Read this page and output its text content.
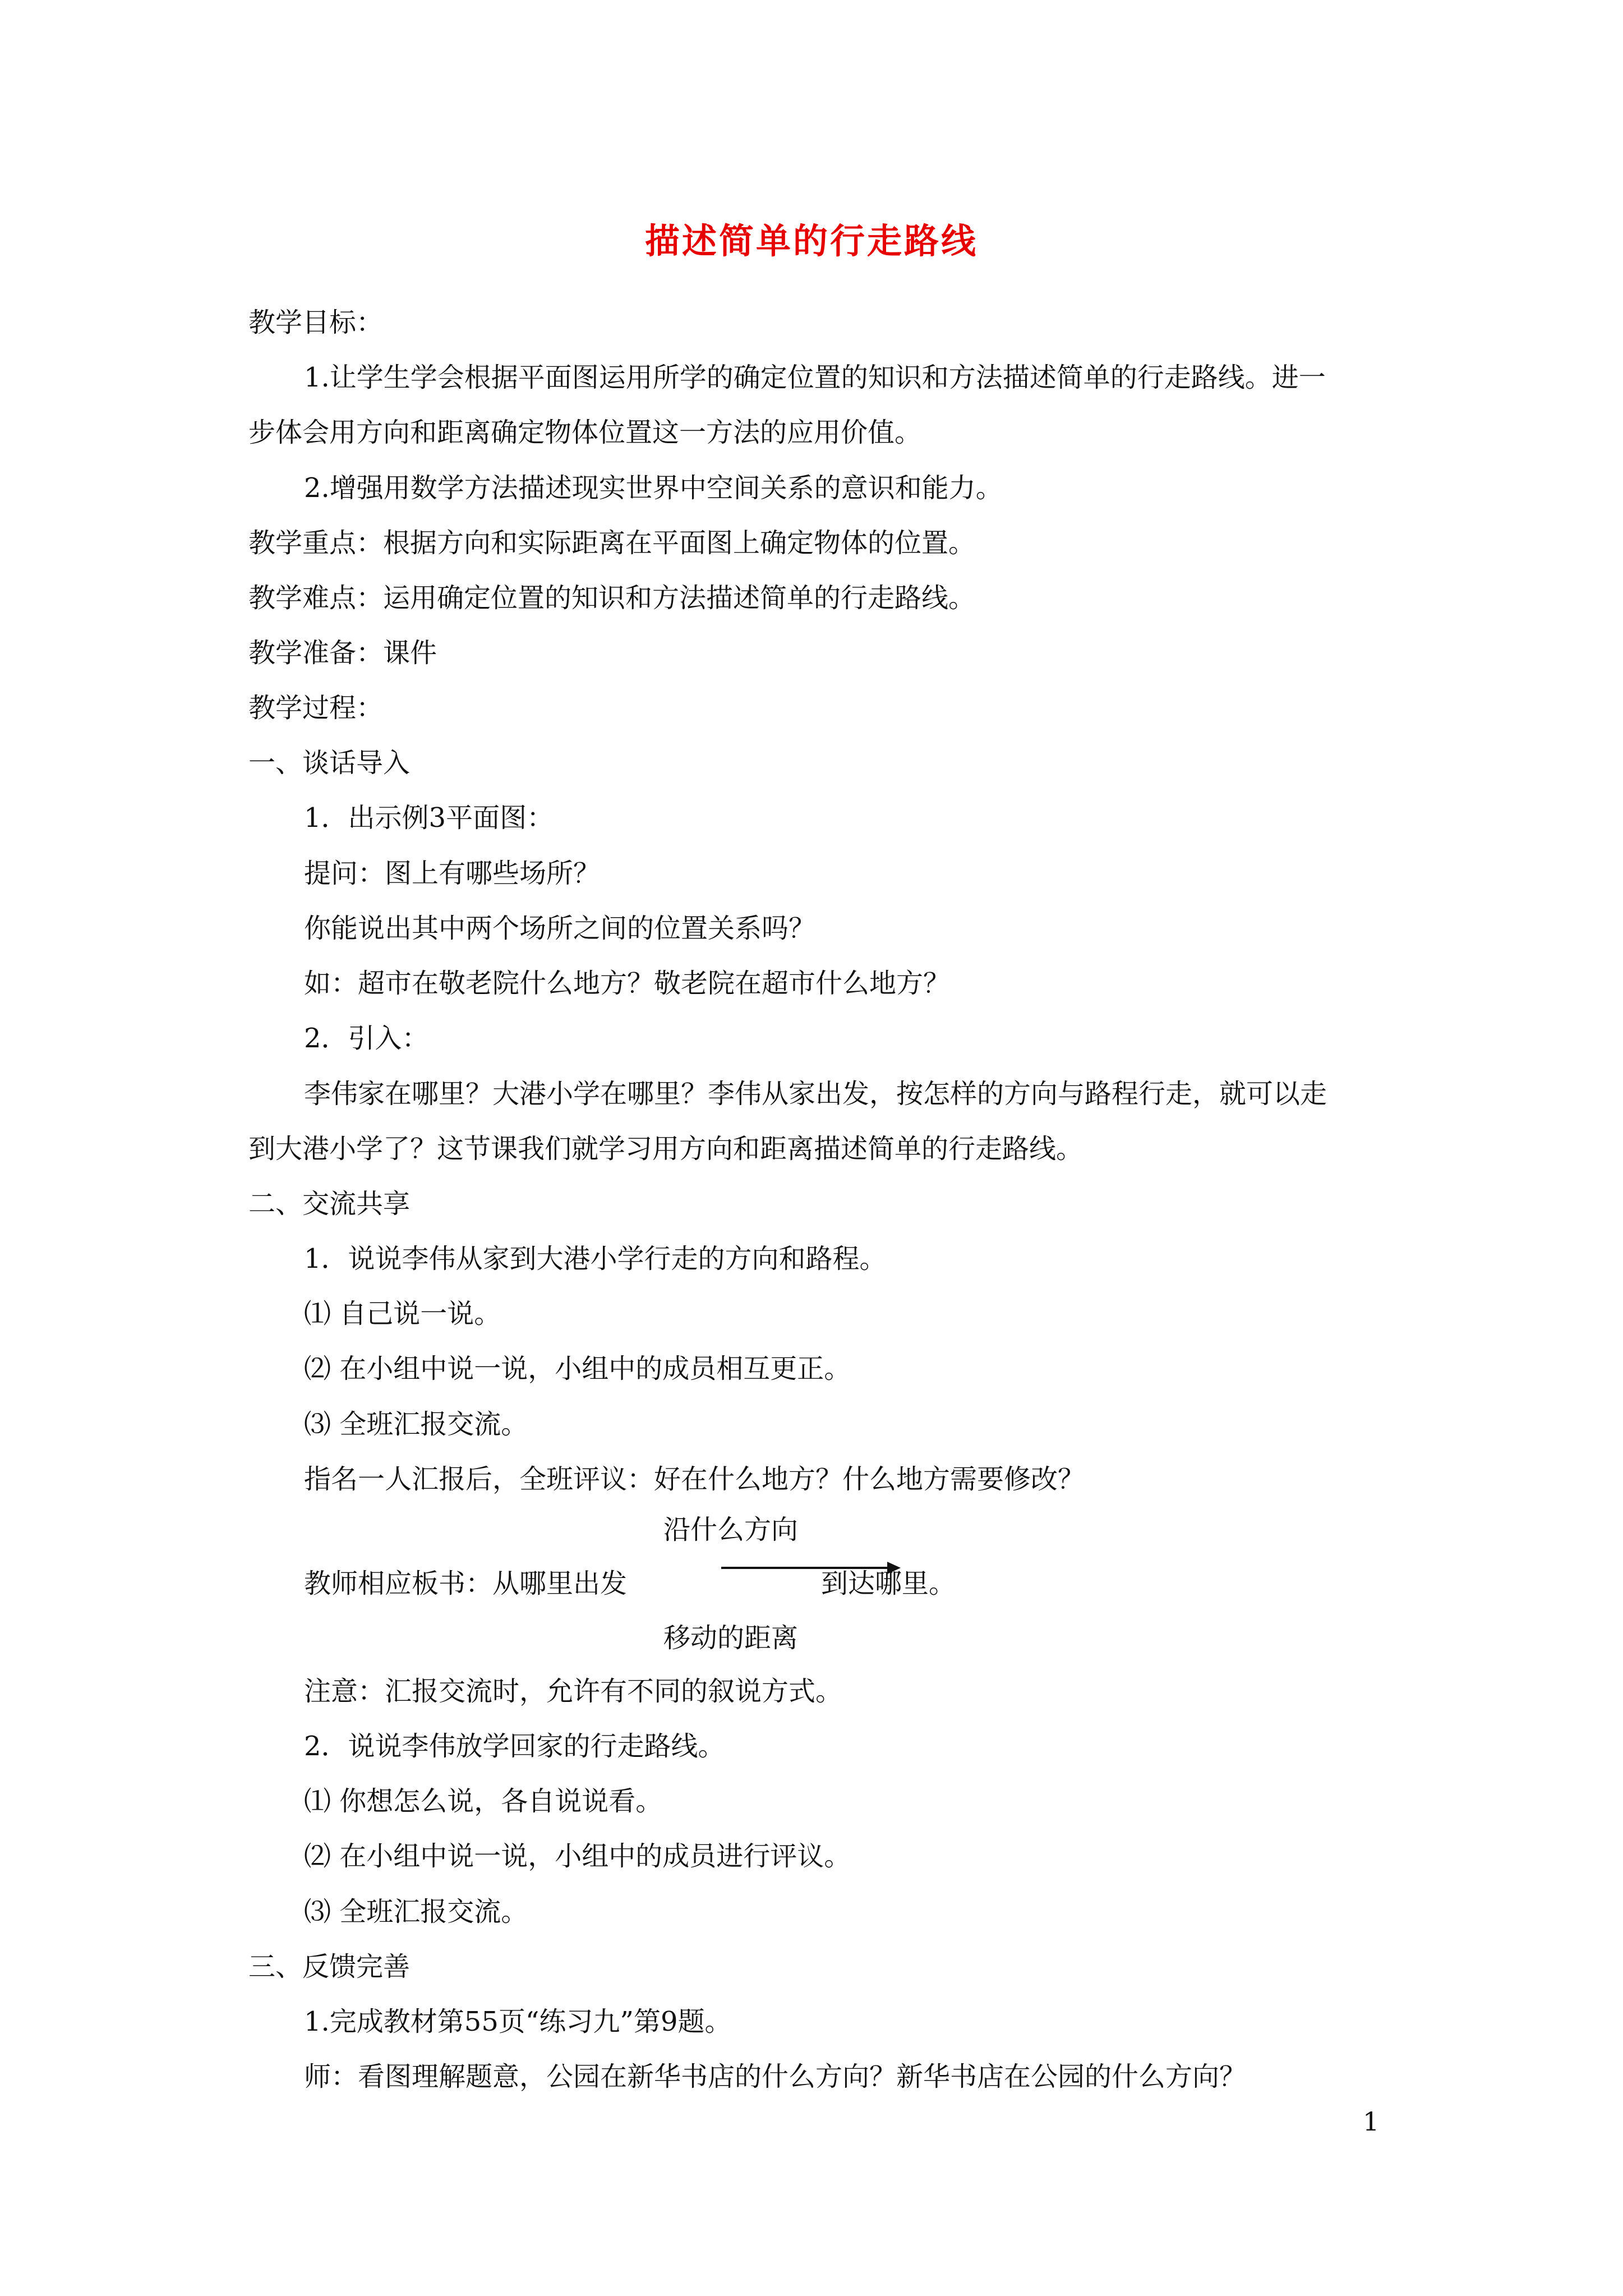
描述简单的行走路线
教学目标：
1.让学生学会根据平面图运用所学的确定位置的知识和方法描述简单的行走路线。进一
步体会用方向和距离确定物体位置这一方法的应用价值。
2.增强用数学方法描述现实世界中空间关系的意识和能力。
教学重点：根据方向和实际距离在平面图上确定物体的位置。
教学难点：运用确定位置的知识和方法描述简单的行走路线。
教学准备：课件
教学过程：
一、谈话导入
1．出示例3平面图：
提问：图上有哪些场所？
你能说出其中两个场所之间的位置关系吗？
如：超市在敬老院什么地方？敬老院在超市什么地方？
2．引入：
李伟家在哪里？大港小学在哪里？李伟从家出发，按怎样的方向与路程行走，就可以走
到大港小学了？这节课我们就学习用方向和距离描述简单的行走路线。
二、交流共享
1．说说李伟从家到大港小学行走的方向和路程。
⑴ 自己说一说。
⑵ 在小组中说一说，小组中的成员相互更正。
⑶ 全班汇报交流。
指名一人汇报后，全班评议：好在什么地方？什么地方需要修改？
沿什么方向
教师相应板书：从哪里出发	到达哪里。
移动的距离
注意：汇报交流时，允许有不同的叙说方式。
2．说说李伟放学回家的行走路线。
⑴ 你想怎么说，各自说说看。
⑵ 在小组中说一说，小组中的成员进行评议。
⑶ 全班汇报交流。
三、反馈完善
1.完成教材第55页“练习九”第9题。
师：看图理解题意，公园在新华书店的什么方向？新华书店在公园的什么方向？
1
